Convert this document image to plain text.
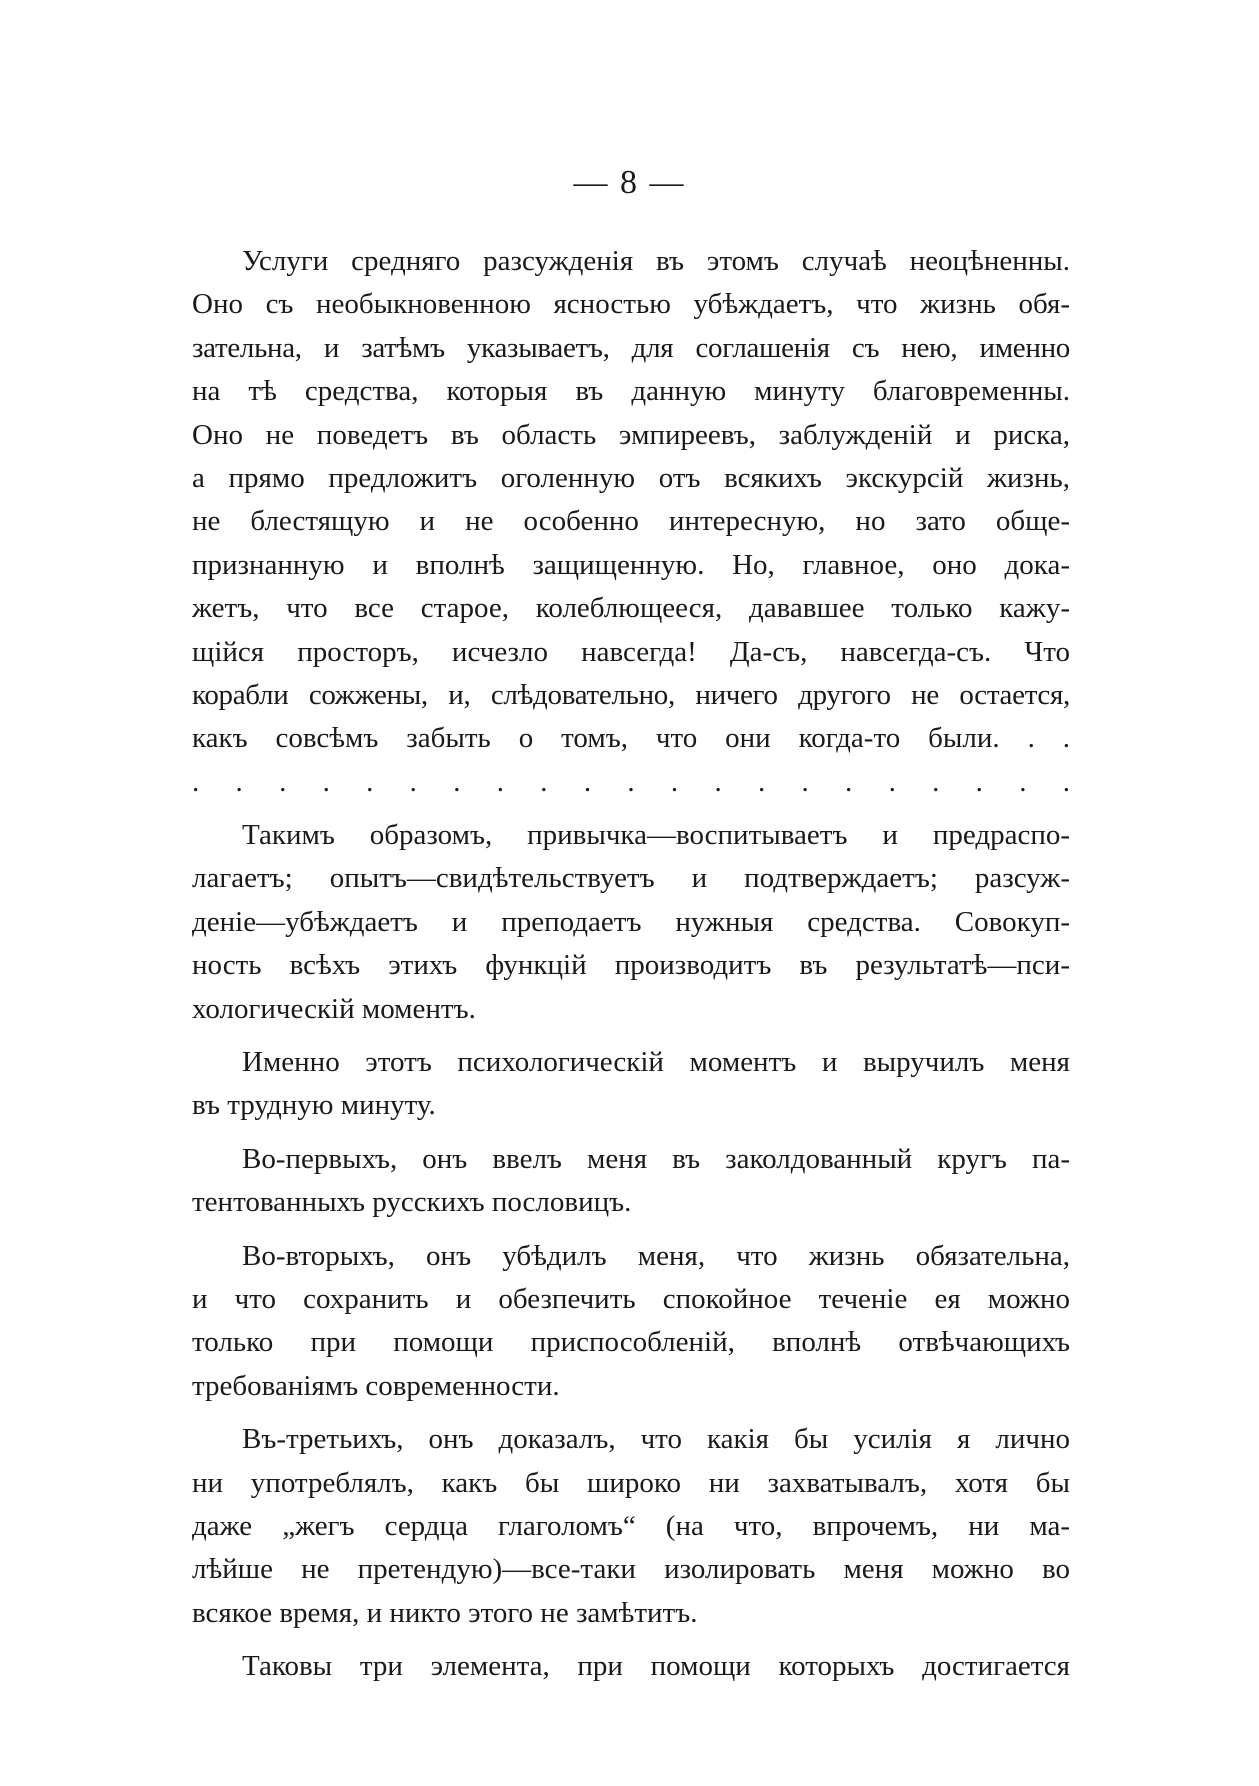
— 8 —
Услуги средняго разсужденія въ этомъ случаѣ неоцѣненны.
Оно съ необыкновенною ясностью убѣждаетъ, что жизнь обя-
зательна, и затѣмъ указываетъ, для соглашенія съ нею, именно
на тѣ средства, которыя въ данную минуту благовременны.
Оно не поведетъ въ область эмпиреевъ, заблужденій и риска,
а прямо предложитъ оголенную отъ всякихъ экскурсій жизнь,
не блестящую и не особенно интересную, но зато обще-
признанную и вполнѣ защищенную. Но, главное, оно дока-
жетъ, что все старое, колеблющееся, дававшее только кажу-
щійся просторъ, исчезло навсегда! Да-съ, навсегда-съ. Что
корабли сожжены, и, слѣдовательно, ничего другого не остается,
какъ совсѣмъ забыть о томъ, что они когда-то были. . .
. . . . . . . . . . . . . . . . . . . . .
Такимъ образомъ, привычка—воспитываетъ и предраспо-
лагаетъ; опытъ—свидѣтельствуетъ и подтверждаетъ; разсуж-
деніе—убѣждаетъ и преподаетъ нужныя средства. Совокуп-
ность всѣхъ этихъ функцій производитъ въ результатѣ—пси-
хологическій моментъ.
Именно этотъ психологическій моментъ и выручилъ меня
въ трудную минуту.
Во-первыхъ, онъ ввелъ меня въ заколдованный кругъ па-
тентованныхъ русскихъ пословицъ.
Во-вторыхъ, онъ убѣдилъ меня, что жизнь обязательна,
и что сохранить и обезпечить спокойное теченіе ея можно
только при помощи приспособленій, вполнѣ отвѣчающихъ
требованіямъ современности.
Въ-третьихъ, онъ доказалъ, что какія бы усилія я лично
ни употреблялъ, какъ бы широко ни захватывалъ, хотя бы
даже „жегъ сердца глаголомъ“ (на что, впрочемъ, ни ма-
лѣйше не претендую)—все-таки изолировать меня можно во
всякое время, и никто этого не замѣтитъ.
Таковы три элемента, при помощи которыхъ достигается
